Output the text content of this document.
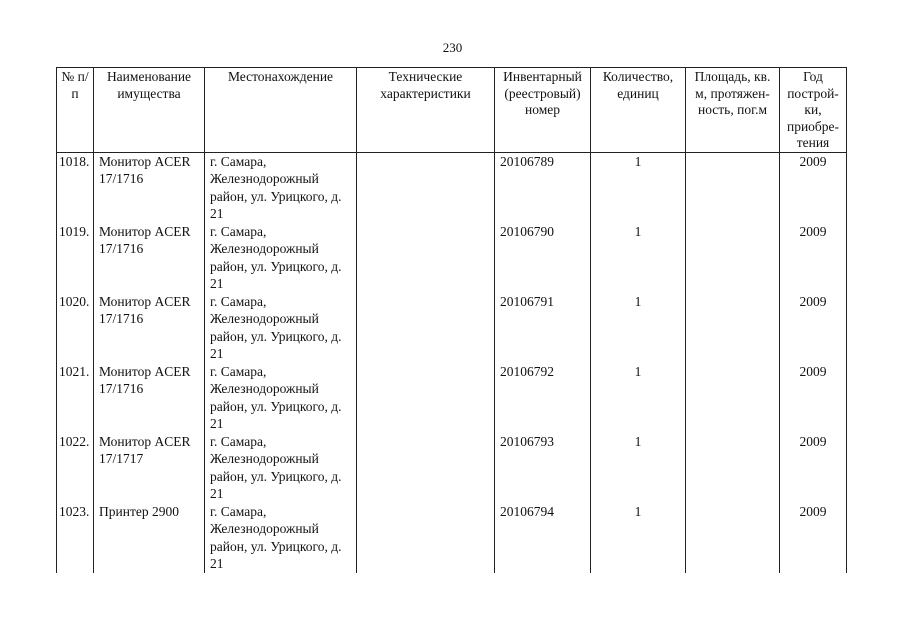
230
№ п/п	Наименование имущества	Местонахождение	Технические характеристики	Инвентарный (реестровый) номер	Количество, единиц	Площадь, кв. м, протяжен-ность, пог.м	Год построй-ки, приобре-тения
1018.	Монитор ACER 17/1716	г. Самара, Железнодорожный район, ул. Урицкого, д. 21		20106789	1		2009
1019.	Монитор ACER 17/1716	г. Самара, Железнодорожный район, ул. Урицкого, д. 21		20106790	1		2009
1020.	Монитор ACER 17/1716	г. Самара, Железнодорожный район, ул. Урицкого, д. 21		20106791	1		2009
1021.	Монитор ACER 17/1716	г. Самара, Железнодорожный район, ул. Урицкого, д. 21		20106792	1		2009
1022.	Монитор ACER 17/1717	г. Самара, Железнодорожный район, ул. Урицкого, д. 21		20106793	1		2009
1023.	Принтер 2900	г. Самара, Железнодорожный район, ул. Урицкого, д. 21		20106794	1		2009
